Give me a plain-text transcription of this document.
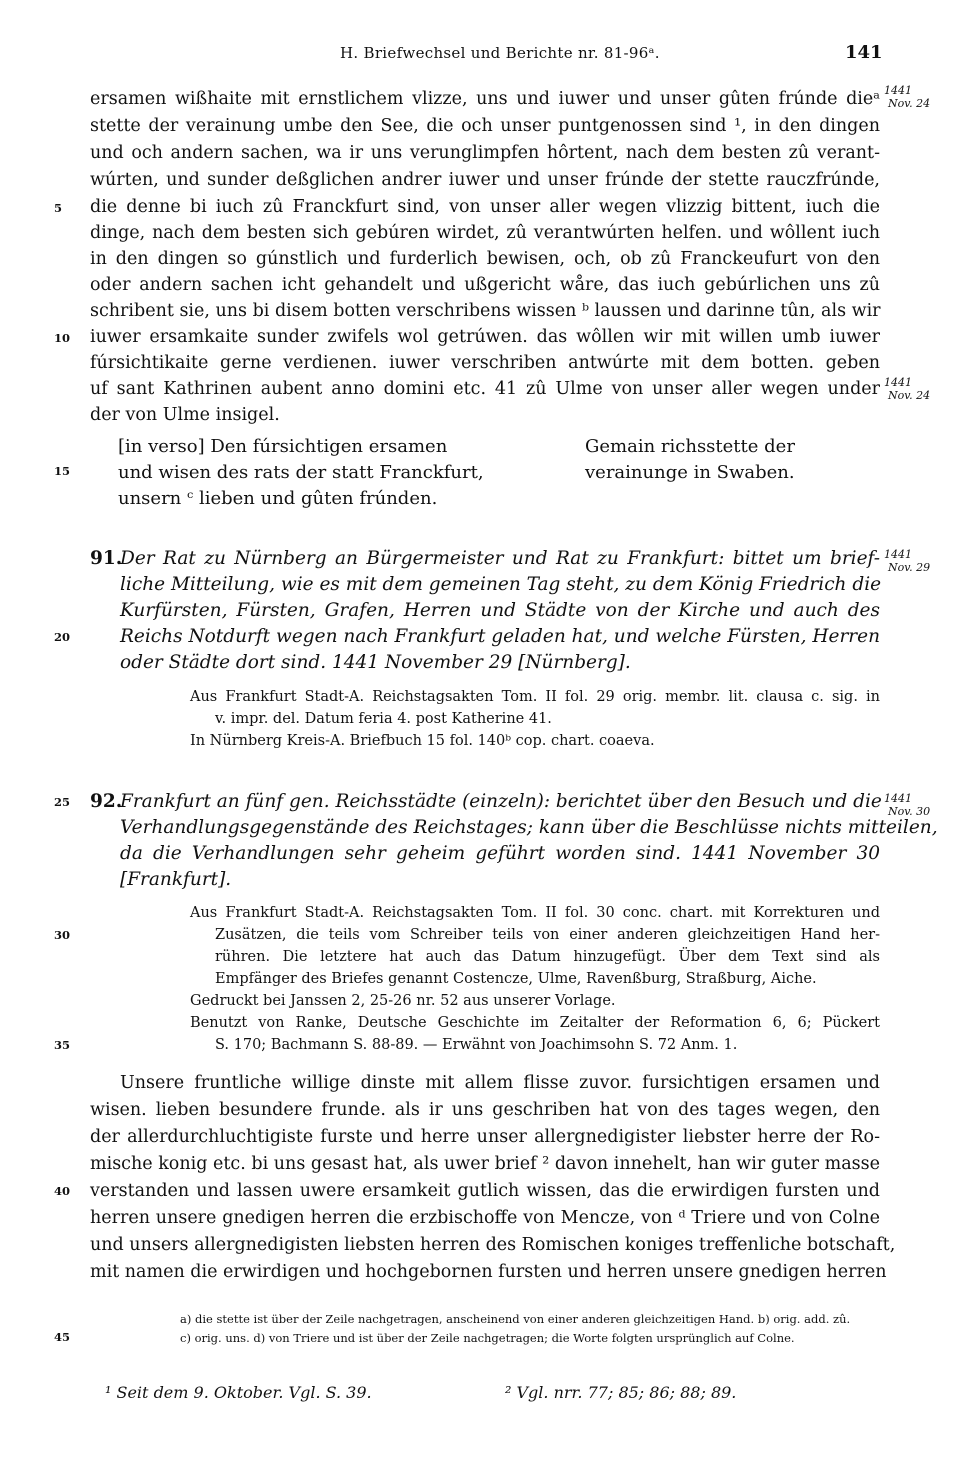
H. Briefwechsel und Berichte nr. 81-96ᵃ.	141
ersamen wißhaite mit ernstlichem vlizze, uns und iuwer und unser gûten frúnde dieᵃ
stette der verainung umbe den See, die och unser puntgenossen sind ¹, in den dingen
und och andern sachen, wa ir uns verunglimpfen hôrtent, nach dem besten zû verant-
wúrten, und sunder deßglichen andrer iuwer und unser frúnde der stette rauczfrúnde,
die denne bi iuch zû Franckfurt sind, von unser aller wegen vlizzig bittent, iuch die
dinge, nach dem besten sich gebúren wirdet, zû verantwúrten helfen. und wôllent iuch
in den dingen so gúnstlich und furderlich bewisen, och, ob zû Franckeufurt von den
oder andern sachen icht gehandelt und ußgericht wåre, das iuch gebúrlichen uns zû
schribent sie, uns bi disem botten verschribens wissen ᵇ laussen und darinne tûn, als wir
iuwer ersamkaite sunder zwifels wol getrúwen. das wôllen wir mit willen umb iuwer
fúrsichtikaite gerne verdienen. iuwer verschriben antwúrte mit dem botten. geben
uf sant Kathrinen aubent anno domini etc. 41 zû Ulme von unser aller wegen under
der von Ulme insigel.
[in verso] Den fúrsichtigen ersamen
und wisen des rats der statt Franckfurt,
unsern ᶜ lieben und gûten frúnden.
Gemain richsstette der
verainunge in Swaben.
91.
Der Rat zu Nürnberg an Bürgermeister und Rat zu Frankfurt: bittet um brief-
liche Mitteilung, wie es mit dem gemeinen Tag steht, zu dem König Friedrich die
Kurfürsten, Fürsten, Grafen, Herren und Städte von der Kirche und auch des
Reichs Notdurft wegen nach Frankfurt geladen hat, und welche Fürsten, Herren
oder Städte dort sind. 1441 November 29 [Nürnberg].
Aus Frankfurt Stadt-A. Reichstagsakten Tom. II fol. 29 orig. membr. lit. clausa c. sig. in
v. impr. del. Datum feria 4. post Katherine 41.
In Nürnberg Kreis-A. Briefbuch 15 fol. 140ᵇ cop. chart. coaeva.
92.
Frankfurt an fünf gen. Reichsstädte (einzeln): berichtet über den Besuch und die
Verhandlungsgegenstände des Reichstages; kann über die Beschlüsse nichts mitteilen,
da die Verhandlungen sehr geheim geführt worden sind. 1441 November 30
[Frankfurt].
Aus Frankfurt Stadt-A. Reichstagsakten Tom. II fol. 30 conc. chart. mit Korrekturen und
Zusätzen, die teils vom Schreiber teils von einer anderen gleichzeitigen Hand her-
rühren. Die letztere hat auch das Datum hinzugefügt. Über dem Text sind als
Empfänger des Briefes genannt Costencze, Ulme, Ravenßburg, Straßburg, Aiche.
Gedruckt bei Janssen 2, 25-26 nr. 52 aus unserer Vorlage.
Benutzt von Ranke, Deutsche Geschichte im Zeitalter der Reformation 6, 6; Pückert
S. 170; Bachmann S. 88-89. — Erwähnt von Joachimsohn S. 72 Anm. 1.
Unsere fruntliche willige dinste mit allem flisse zuvor. fursichtigen ersamen und
wisen. lieben besundere frunde. als ir uns geschriben hat von des tages wegen, den
der allerdurchluchtigiste furste und herre unser allergnedigister liebster herre der Ro-
mische konig etc. bi uns gesast hat, als uwer brief ² davon innehelt, han wir guter masse
verstanden und lassen uwere ersamkeit gutlich wissen, das die erwirdigen fursten und
herren unsere gnedigen herren die erzbischoffe von Mencze, von ᵈ Triere und von Colne
und unsers allergnedigisten liebsten herren des Romischen koniges treffenliche botschaft,
mit namen die erwirdigen und hochgebornen fursten und herren unsere gnedigen herren
a) die stette ist über der Zeile nachgetragen, anscheinend von einer anderen gleichzeitigen Hand. b) orig. add. zû.
c) orig. uns. d) von Triere und ist über der Zeile nachgetragen; die Worte folgten ursprünglich auf Colne.
¹ Seit dem 9. Oktober. Vgl. S. 39.	² Vgl. nrr. 77; 85; 86; 88; 89.
1441
Nov. 24
1441
Nov. 24
1441
Nov. 29
1441
Nov. 30
5
10
15
20
25
30
35
40
45
